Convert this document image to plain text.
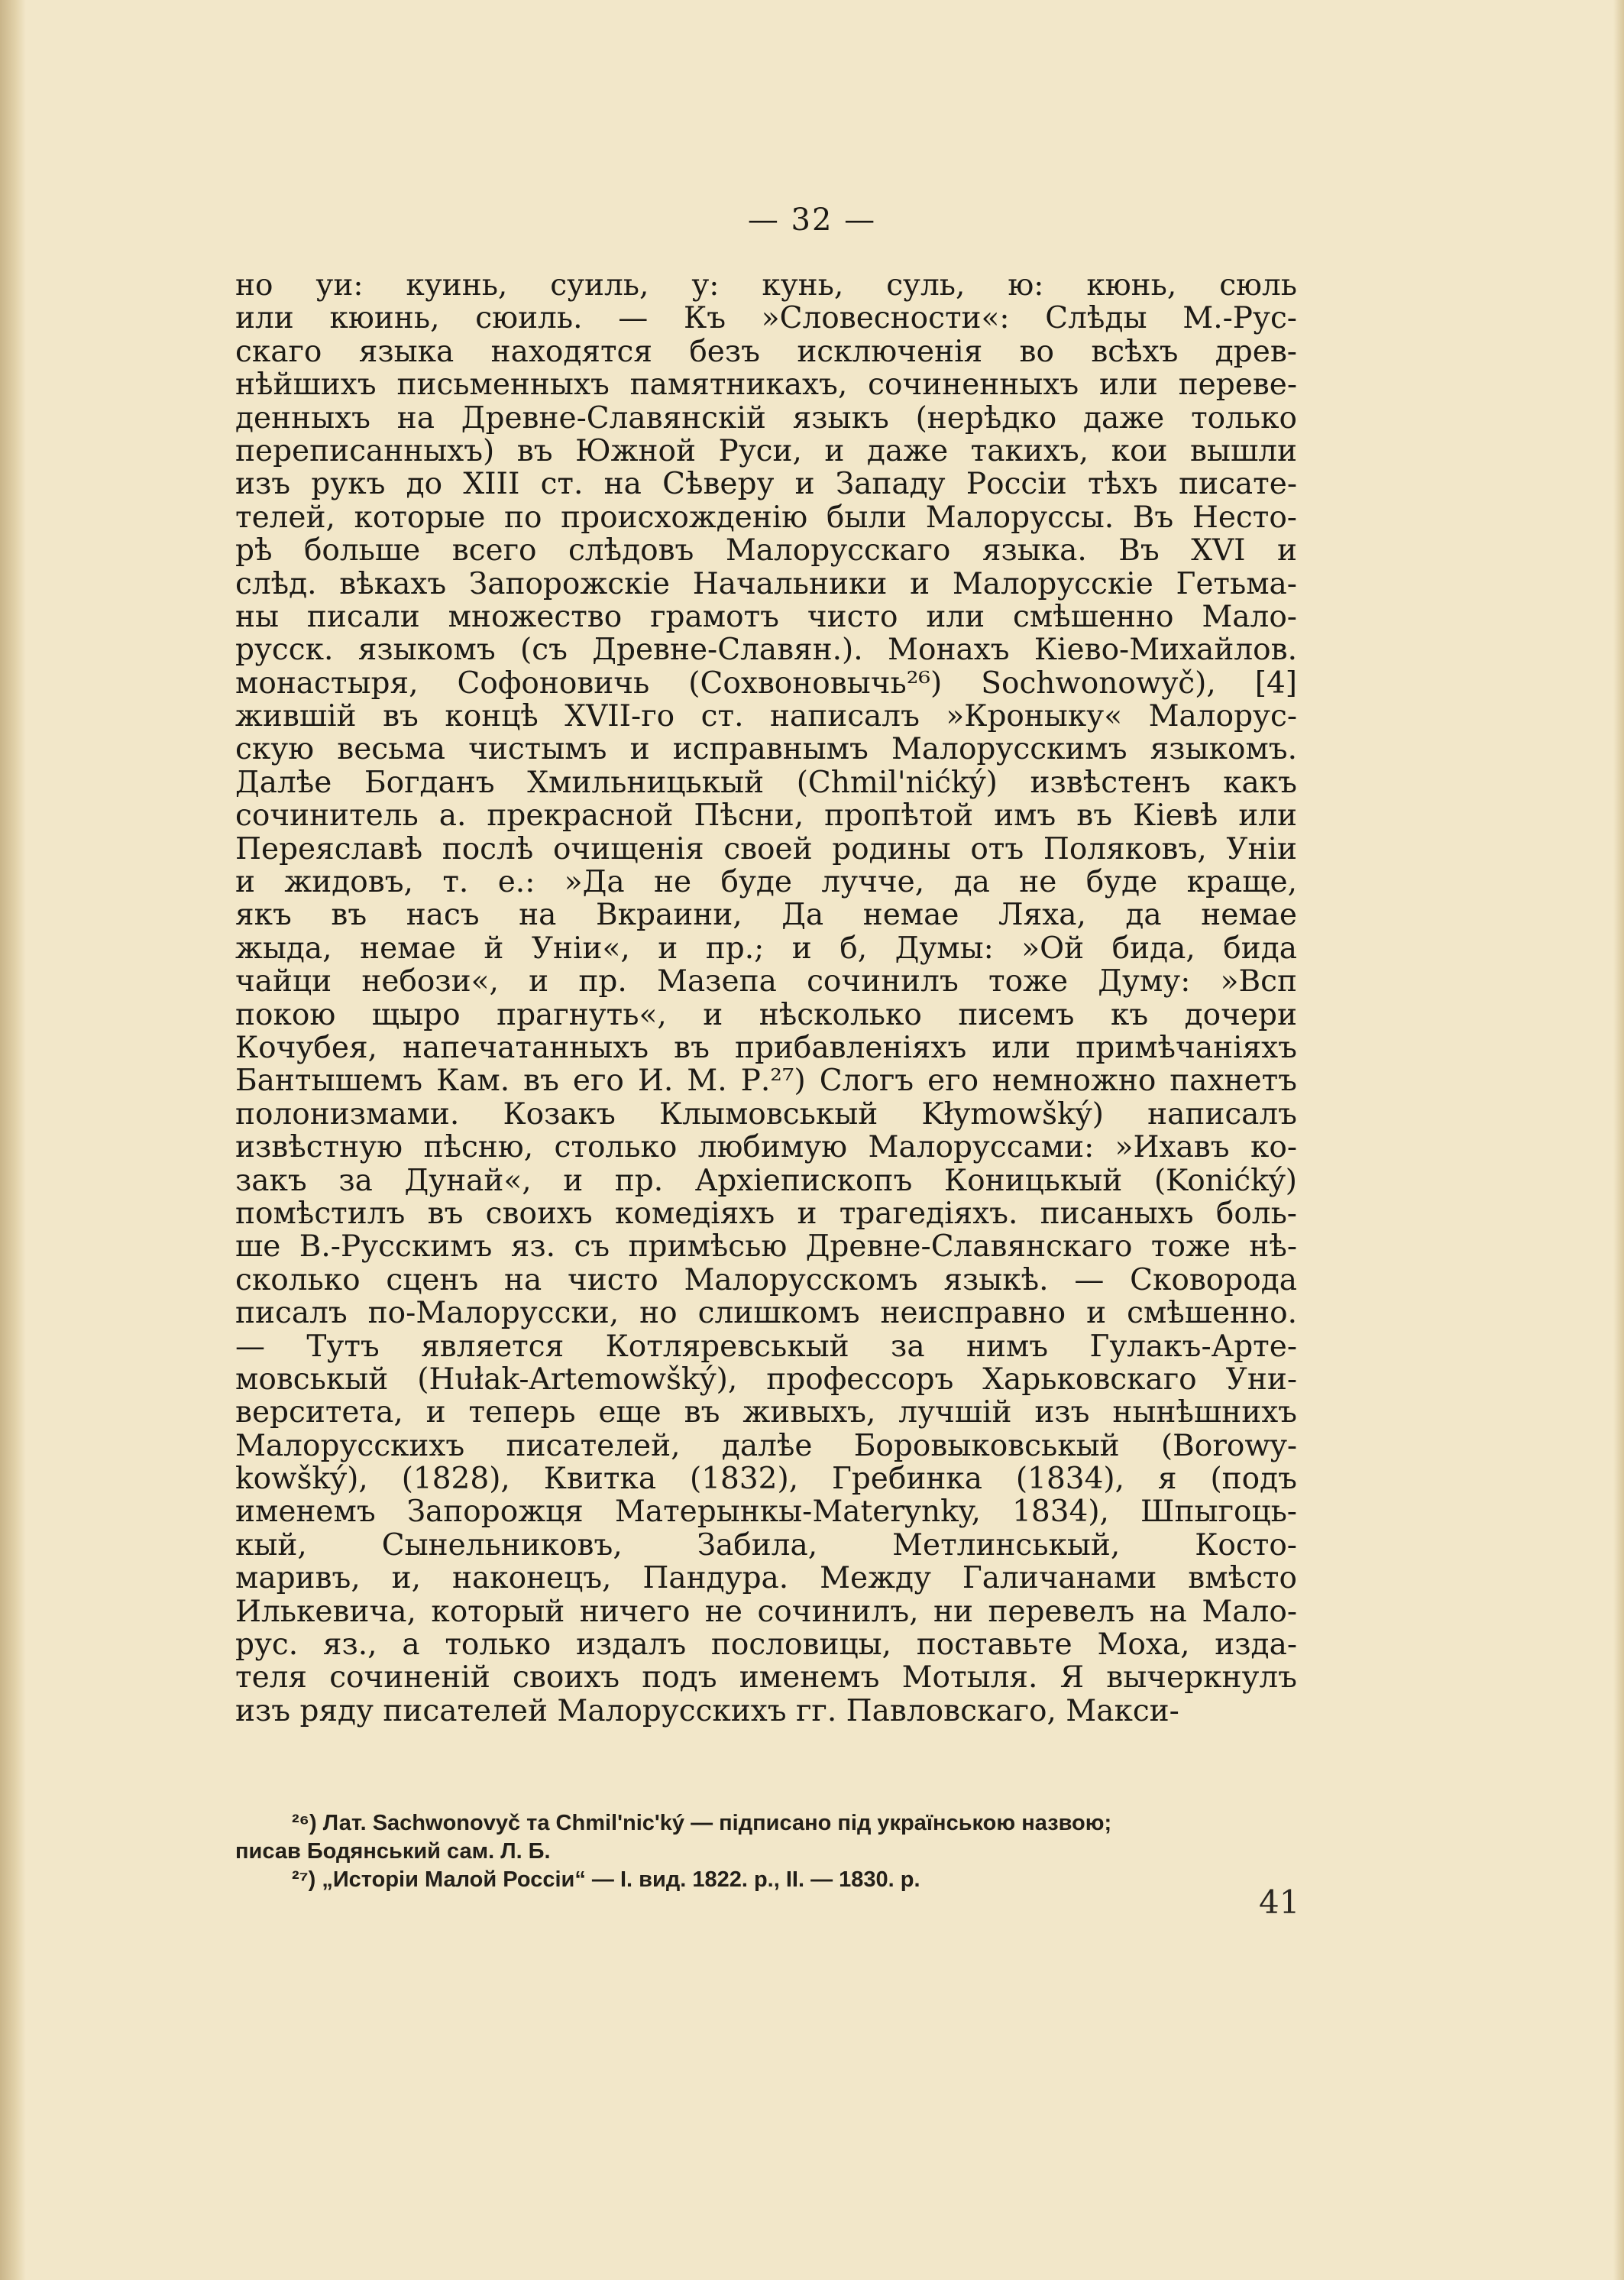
— 32 —
но уи: куинь, суиль, у: кунь, суль, ю: кюнь, сюль
или кюинь, сюиль. — Къ »Словесности«: Слѣды М.-Рус-
скаго языка находятся безъ исключенія во всѣхъ древ-
нѣйшихъ письменныхъ памятникахъ, сочиненныхъ или переве-
денныхъ на Древне-Славянскій языкъ (нерѣдко даже только
переписанныхъ) въ Южной Руси, и даже такихъ, кои вышли
изъ рукъ до XIII ст. на Сѣверу и Западу Россіи тѣхъ писате-
телей, которые по происхожденію были Малоруссы. Въ Несто-
рѣ больше всего слѣдовъ Малорусскаго языка. Въ XVI и
слѣд. вѣкахъ Запорожскіе Начальники и Малорусскіе Гетьма-
ны писали множество грамотъ чисто или смѣшенно Мало-
русск. языкомъ (съ Древне-Славян.). Монахъ Кіево-Михайлов.
монастыря, Софоновичь (Сохвоновычь²⁶) Sochwonowyč), [4]
жившій въ концѣ XVII-го ст. написалъ »Кроныку« Малорус-
скую весьма чистымъ и исправнымъ Малорусскимъ языкомъ.
Далѣе Богданъ Хмильницькый (Chmil'nićký) извѣстенъ какъ
сочинитель а. прекрасной Пѣсни, пропѣтой имъ въ Кіевѣ или
Переяславѣ послѣ очищенія своей родины отъ Поляковъ, Уніи
и жидовъ, т. е.: »Да не буде лучче, да не буде краще,
якъ въ насъ на Вкраини, Да немае Ляха, да немае
жыда, немае й Уніи«, и пр.; и б, Думы: »Ой бида, бида
чайци небози«, и пр. Мазепа сочинилъ тоже Думу: »Всп
покою щыро прагнуть«, и нѣсколько писемъ къ дочери
Кочубея, напечатанныхъ въ прибавленіяхъ или примѣчаніяхъ
Бантышемъ Кам. въ его И. М. Р.²⁷) Слогъ его немножно пахнетъ
полонизмами. Козакъ Клымовськый Kłymowšký) написалъ
извѣстную пѣсню, столько любимую Малоруссами: »Ихавъ ко-
закъ за Дунай«, и пр. Архіепископъ Коницькый (Konićký)
помѣстилъ въ своихъ комедіяхъ и трагедіяхъ. писаныхъ боль-
ше В.-Русскимъ яз. съ примѣсью Древне-Славянскаго тоже нѣ-
сколько сценъ на чисто Малорусскомъ языкѣ. — Сковорода
писалъ по-Малорусски, но слишкомъ неисправно и смѣшенно.
— Тутъ является Котляревськый за нимъ Гулакъ-Арте-
мовськый (Hułak-Artemowšký), профессоръ Харьковскаго Уни-
верситета, и теперь еще въ живыхъ, лучшій изъ нынѣшнихъ
Малорусскихъ писателей, далѣе Боровыковськый (Borowy-
kowšký), (1828), Квитка (1832), Гребинка (1834), я (подъ
именемъ Запорожця Матерынкы-Materynky, 1834), Шпыгоць-
кый, Сынельниковъ, Забила, Метлинськый, Косто-
маривъ, и, наконецъ, Пандура. Между Галичанами вмѣсто
Илькевича, который ничего не сочинилъ, ни перевелъ на Мало-
рус. яз., а только издалъ пословицы, поставьте Моха, изда-
теля сочиненій своихъ подъ именемъ Мотыля. Я вычеркнулъ
изъ ряду писателей Малорусскихъ гг. Павловскаго, Макси-
²⁶) Лат. Sachwonovyč та Chmil'nic'ký — підписано під українською назвою;
писав Бодянський сам. Л. Б.
²⁷) „Исторіи Малой Россіи“ — I. вид. 1822. р., II. — 1830. р.
41
